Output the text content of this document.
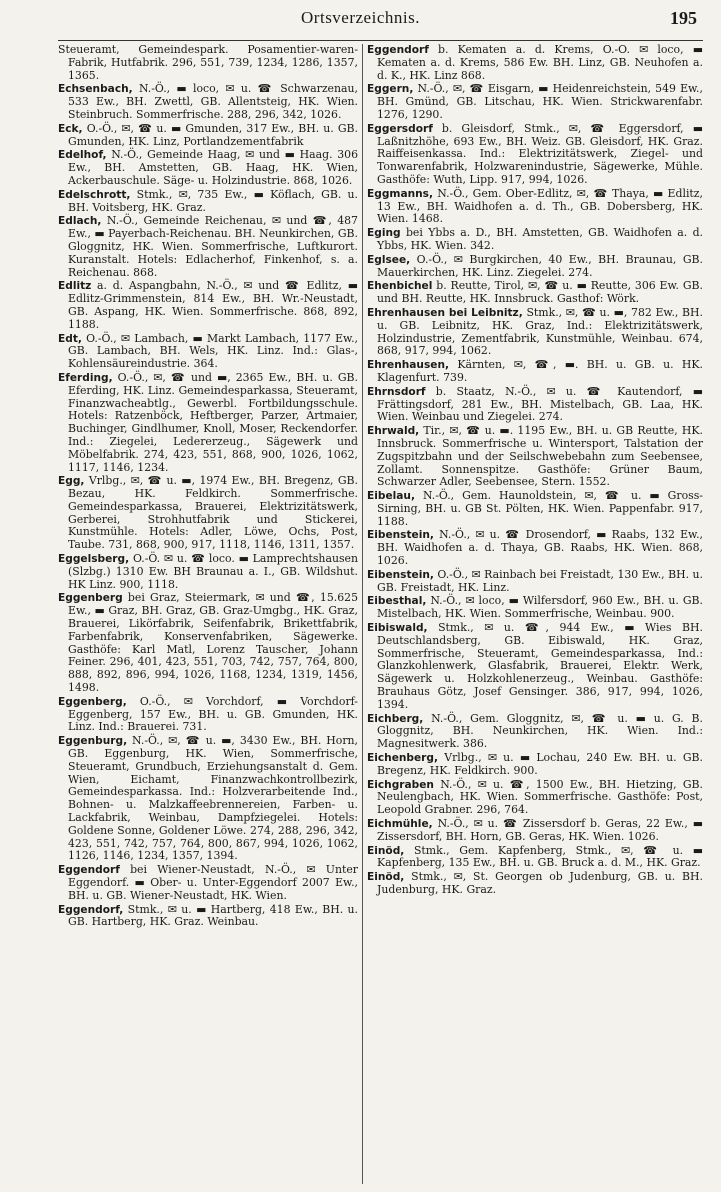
Ortsverzeichnis.	195

Steueramt, Gemeindespark. Posamentier-waren-Fabrik, Hutfabrik. 296, 551, 739, 1234, 1286, 1357, 1365.

Echsenbach, N.-Ö., ▬ loco, ✉ u. ☎ Schwarzenau, 533 Ew., BH. Zwettl, GB. Allentsteig, HK. Wien. Steinbruch. Sommerfrische. 288, 296, 342, 1026.

Eck, O.-Ö., ✉, ☎ u. ▬ Gmunden, 317 Ew., BH. u. GB. Gmunden, HK. Linz, Portlandzementfabrik

Edelhof, N.-Ö., Gemeinde Haag, ✉ und ▬ Haag. 306 Ew., BH. Amstetten, GB. Haag, HK. Wien, Ackerbauschule. Säge- u. Holzindustrie. 868, 1026.

Edelschrott, Stmk., ✉, 735 Ew., ▬ Köflach, GB. u. BH. Voitsberg, HK. Graz.

Edlach, N.-Ö., Gemeinde Reichenau, ✉ und ☎, 487 Ew., ▬ Payerbach-Reichenau. BH. Neunkirchen, GB. Gloggnitz, HK. Wien. Sommerfrische, Luftkurort. Kuranstalt. Hotels: Edlacherhof, Finkenhof, s. a. Reichenau. 868.

Edlitz a. d. Aspangbahn, N.-Ö., ✉ und ☎ Edlitz, ▬ Edlitz-Grimmenstein, 814 Ew., BH. Wr.-Neustadt, GB. Aspang, HK. Wien. Sommerfrische. 868, 892, 1188.

Edt, O.-Ö., ✉ Lambach, ▬ Markt Lambach, 1177 Ew., GB. Lambach, BH. Wels, HK. Linz. Ind.: Glas-, Kohlensäureindustrie. 364.

Eferding, O.-Ö., ✉, ☎ und ▬, 2365 Ew., BH. u. GB. Eferding, HK. Linz. Gemeindesparkassa, Steueramt, Finanzwacheabtlg., Gewerbl. Fortbildungsschule. Hotels: Ratzenböck, Heftberger, Parzer, Artmaier, Buchinger, Gindlhumer, Knoll, Moser, Reckendorfer. Ind.: Ziegelei, Ledererzeug., Sägewerk und Möbelfabrik. 274, 423, 551, 868, 900, 1026, 1062, 1117, 1146, 1234.

Egg, Vrlbg., ✉, ☎ u. ▬, 1974 Ew., BH. Bregenz, GB. Bezau, HK. Feldkirch. Sommerfrische. Gemeindesparkassa, Brauerei, Elektrizitätswerk, Gerberei, Strohhutfabrik und Stickerei, Kunstmühle. Hotels: Adler, Löwe, Ochs, Post, Taube. 731, 868, 900, 917, 1118, 1146, 1311, 1357.

Eggelsberg, O.-Ö. ✉ u. ☎ loco. ▬ Lamprechtshausen (Slzbg.) 1310 Ew. BH Braunau a. I., GB. Wildshut. HK Linz. 900, 1118.

Eggenberg bei Graz, Steiermark, ✉ und ☎, 15.625 Ew., ▬ Graz, BH. Graz, GB. Graz-Umgbg., HK. Graz, Brauerei, Likörfabrik, Seifenfabrik, Brikettfabrik, Farbenfabrik, Konservenfabriken, Sägewerke. Gasthöfe: Karl Matl, Lorenz Tauscher, Johann Feiner. 296, 401, 423, 551, 703, 742, 757, 764, 800, 888, 892, 896, 994, 1026, 1168, 1234, 1319, 1456, 1498.

Eggenberg, O.-Ö., ✉ Vorchdorf, ▬ Vorchdorf-Eggenberg, 157 Ew., BH. u. GB. Gmunden, HK. Linz. Ind.: Brauerei. 731.

Eggenburg, N.-Ö., ✉, ☎ u. ▬, 3430 Ew., BH. Horn, GB. Eggenburg, HK. Wien, Sommerfrische, Steueramt, Grundbuch, Erziehungsanstalt d. Gem. Wien, Eichamt, Finanzwachkontrollbezirk, Gemeindesparkassa. Ind.: Holzverarbeitende Ind., Bohnen- u. Malzkaffeebrennereien, Farben- u. Lackfabrik, Weinbau, Dampfziegelei. Hotels: Goldene Sonne, Goldener Löwe. 274, 288, 296, 342, 423, 551, 742, 757, 764, 800, 867, 994, 1026, 1062, 1126, 1146, 1234, 1357, 1394.

Eggendorf bei Wiener-Neustadt, N.-Ö., ✉ Unter Eggendorf. ▬ Ober- u. Unter-Eggendorf 2007 Ew., BH. u. GB. Wiener-Neustadt, HK. Wien.

Eggendorf, Stmk., ✉ u. ▬ Hartberg, 418 Ew., BH. u. GB. Hartberg, HK. Graz. Weinbau.

Eggendorf b. Kematen a. d. Krems, O.-Ö. ✉ loco, ▬ Kematen a. d. Krems, 586 Ew. BH. Linz, GB. Neuhofen a. d. K., HK. Linz 868.

Eggern, N.-Ö., ✉, ☎ Eisgarn, ▬ Heidenreichstein, 549 Ew., BH. Gmünd, GB. Litschau, HK. Wien. Strickwarenfabr. 1276, 1290.

Eggersdorf b. Gleisdorf, Stmk., ✉, ☎ Eggersdorf, ▬ Laßnitzhöhe, 693 Ew., BH. Weiz. GB. Gleisdorf, HK. Graz. Raiffeisenkassa. Ind.: Elektrizitätswerk, Ziegel- und Tonwarenfabrik, Holzwarenindustrie, Sägewerke, Mühle. Gasthöfe: Wuth, Lipp. 917, 994, 1026.

Eggmanns, N.-Ö., Gem. Ober-Edlitz, ✉, ☎ Thaya, ▬ Edlitz, 13 Ew., BH. Waidhofen a. d. Th., GB. Dobersberg, HK. Wien. 1468.

Eging bei Ybbs a. D., BH. Amstetten, GB. Waidhofen a. d. Ybbs, HK. Wien. 342.

Eglsee, O.-Ö., ✉ Burgkirchen, 40 Ew., BH. Braunau, GB. Mauerkirchen, HK. Linz. Ziegelei. 274.

Ehenbichel b. Reutte, Tirol, ✉, ☎ u. ▬ Reutte, 306 Ew. GB. und BH. Reutte, HK. Innsbruck. Gasthof: Wörk.

Ehrenhausen bei Leibnitz, Stmk., ✉, ☎ u. ▬, 782 Ew., BH. u. GB. Leibnitz, HK. Graz, Ind.: Elektrizitätswerk, Holzindustrie, Zementfabrik, Kunstmühle, Weinbau. 674, 868, 917, 994, 1062.

Ehrenhausen, Kärnten, ✉, ☎, ▬. BH. u. GB. u. HK. Klagenfurt. 739.

Ehrnsdorf b. Staatz, N.-Ö., ✉ u. ☎ Kautendorf, ▬ Frättingsdorf, 281 Ew., BH. Mistelbach, GB. Laa, HK. Wien. Weinbau und Ziegelei. 274.

Ehrwald, Tir., ✉, ☎ u. ▬. 1195 Ew., BH. u. GB Reutte, HK. Innsbruck. Sommerfrische u. Wintersport, Talstation der Zugspitzbahn und der Seilschwebebahn zum Seebensee, Zollamt. Sonnenspitze. Gasthöfe: Grüner Baum, Schwarzer Adler, Seebensee, Stern. 1552.

Eibelau, N.-Ö., Gem. Haunoldstein, ✉, ☎ u. ▬ Gross-Sirning, BH. u. GB St. Pölten, HK. Wien. Pappenfabr. 917, 1188.

Eibenstein, N.-Ö., ✉ u. ☎ Drosendorf, ▬ Raabs, 132 Ew., BH. Waidhofen a. d. Thaya, GB. Raabs, HK. Wien. 868, 1026.

Eibenstein, O.-Ö., ✉ Rainbach bei Freistadt, 130 Ew., BH. u. GB. Freistadt, HK. Linz.

Eibesthal, N.-Ö., ✉ loco, ▬ Wilfersdorf, 960 Ew., BH. u. GB. Mistelbach, HK. Wien. Sommerfrische, Weinbau. 900.

Eibiswald, Stmk., ✉ u. ☎, 944 Ew., ▬ Wies BH. Deutschlandsberg, GB. Eibiswald, HK. Graz, Sommerfrische, Steueramt, Gemeindesparkassa, Ind.: Glanzkohlenwerk, Glasfabrik, Brauerei, Elektr. Werk, Sägewerk u. Holzkohlenerzeug., Weinbau. Gasthöfe: Brauhaus Götz, Josef Gensinger. 386, 917, 994, 1026, 1394.

Eichberg, N.-Ö., Gem. Gloggnitz, ✉, ☎ u. ▬ u. G. B. Gloggnitz, BH. Neunkirchen, HK. Wien. Ind.: Magnesitwerk. 386.

Eichenberg, Vrlbg., ✉ u. ▬ Lochau, 240 Ew. BH. u. GB. Bregenz, HK. Feldkirch. 900.

Eichgraben N.-Ö., ✉ u. ☎, 1500 Ew., BH. Hietzing, GB. Neulengbach, HK. Wien. Sommerfrische. Gasthöfe: Post, Leopold Grabner. 296, 764.

Eichmühle, N.-Ö., ✉ u. ☎ Zissersdorf b. Geras, 22 Ew., ▬ Zissersdorf, BH. Horn, GB. Geras, HK. Wien. 1026.

Einöd, Stmk., Gem. Kapfenberg, Stmk., ✉, ☎ u. ▬ Kapfenberg, 135 Ew., BH. u. GB. Bruck a. d. M., HK. Graz.

Einöd, Stmk., ✉, St. Georgen ob Judenburg, GB. u. BH. Judenburg, HK. Graz.
